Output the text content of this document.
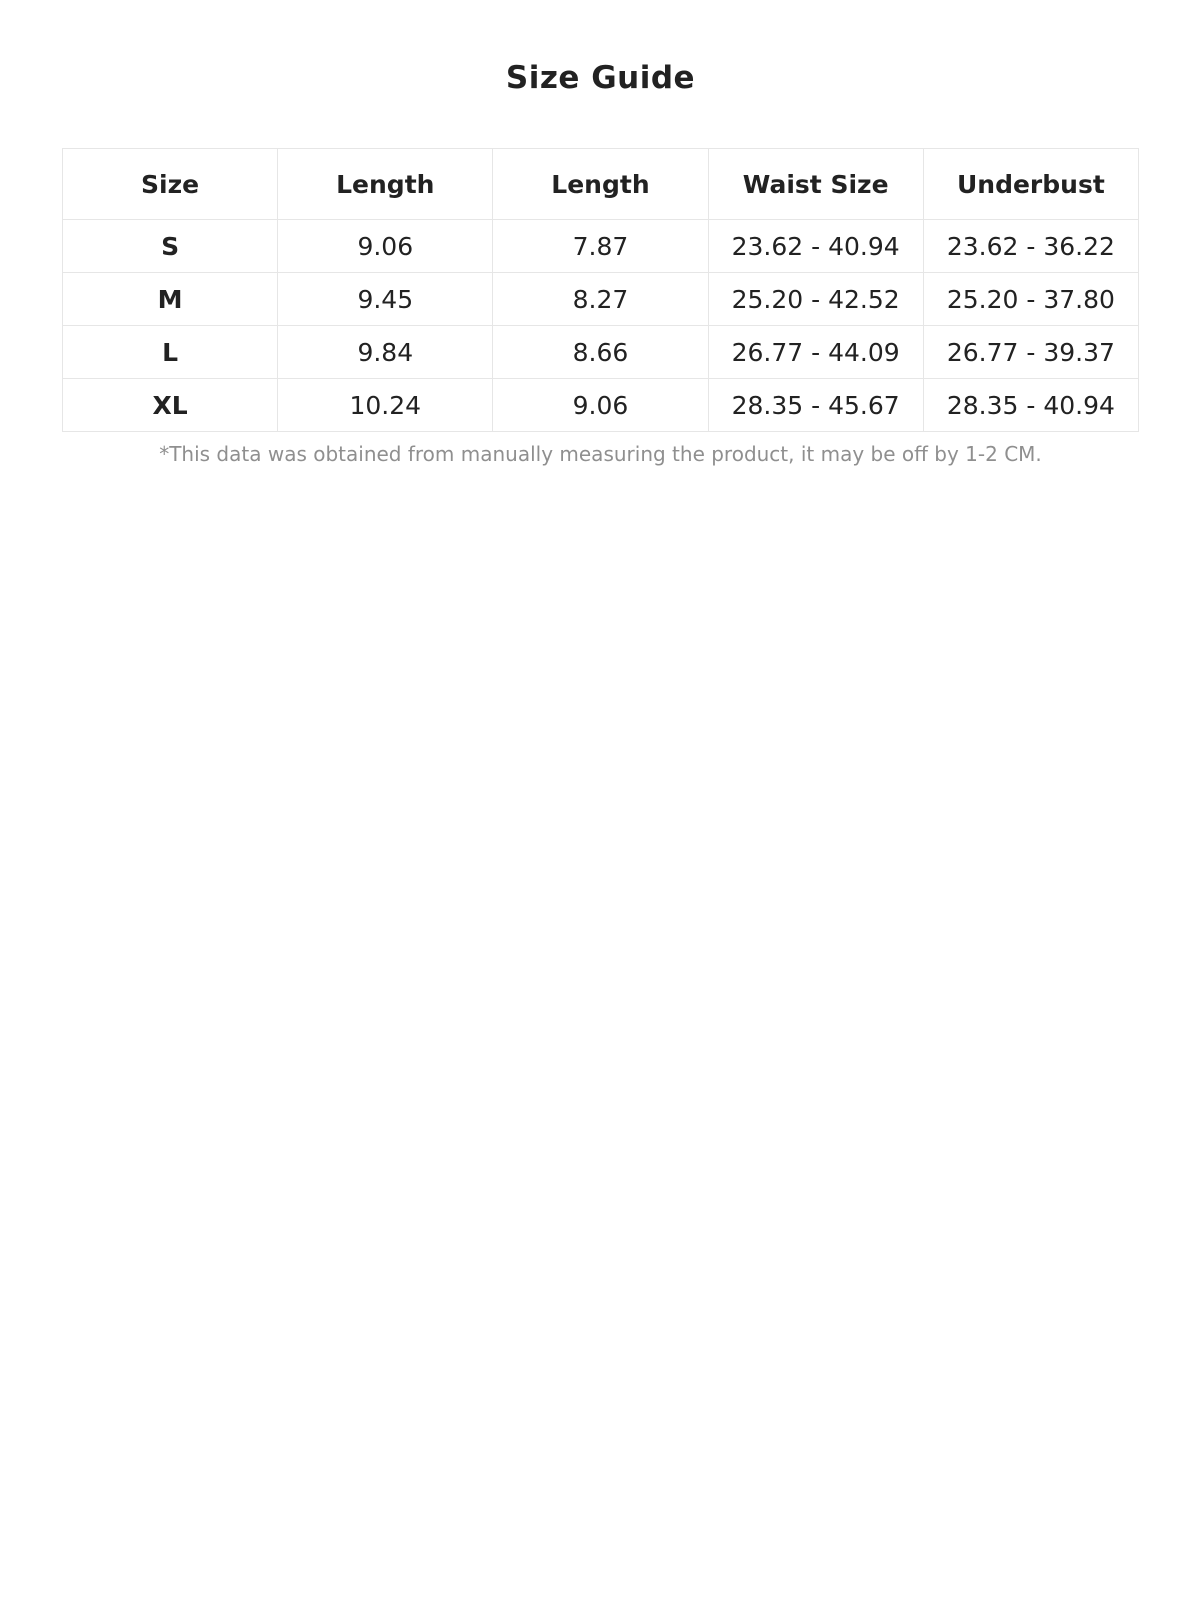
Size Guide
Size	Length	Length	Waist Size	Underbust
S	9.06	7.87	23.62 - 40.94	23.62 - 36.22
M	9.45	8.27	25.20 - 42.52	25.20 - 37.80
L	9.84	8.66	26.77 - 44.09	26.77 - 39.37
XL	10.24	9.06	28.35 - 45.67	28.35 - 40.94
*This data was obtained from manually measuring the product, it may be off by 1-2 CM.
